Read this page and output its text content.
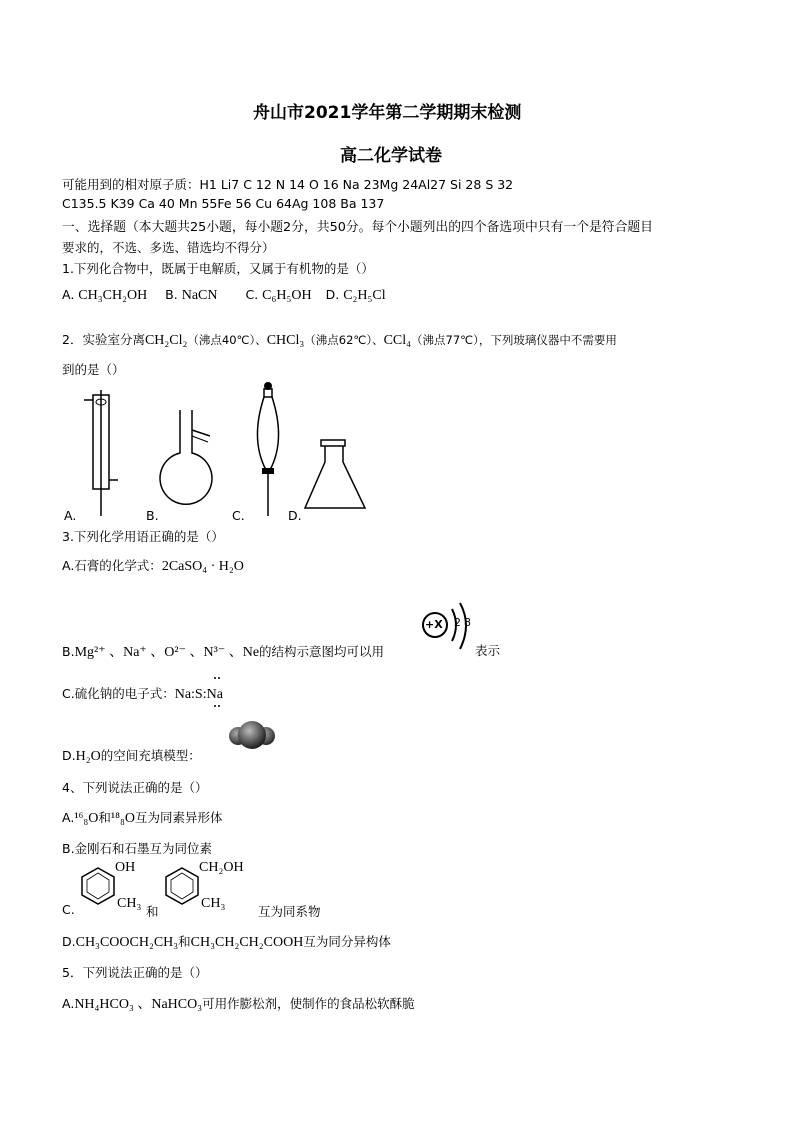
舟山市2021学年第二学期期末检测
高二化学试卷
可能用到的相对原子质：H1 Li7 C 12 N 14 O 16 Na 23Mg 24Al27 Si 28 S 32
C135.5 K39 Ca 40 Mn 55Fe 56 Cu 64Ag 108 Ba 137
一、选择题（本大题共25小题，每小题2分，共50分。每个小题列出的四个备选项中只有一个是符合题目
要求的，不选、多选、错选均不得分）
1.下列化合物中，既属于电解质，又属于有机物的是（）
A. CH₃CH₂OH B. NaCN C. C₆H₅OH D. C₂H₅Cl
2．实验室分离CH₂Cl₂（沸点40℃）、CHCl₃（沸点62℃）、CCl₄（沸点77℃），下列玻璃仪器中不需要用
到的是（）
A.	B.	C.	D.
3.下列化学用语正确的是（）
A.石膏的化学式：2CaSO₄ · H₂O
B.Mg²⁺ 、Na⁺ 、O²⁻ 、N³⁻ 、Ne的结构示意图均可以用
+X 2 8
表示
C.硫化钠的电子式：Na:S:Na
D.H₂O的空间充填模型：
4、下列说法正确的是（）
A.¹⁶₈O和¹⁸₈O互为同素异形体
B.金刚石和石墨互为同位素
C.
OH
CH₃
和
CH₂OH
CH₃
互为同系物
D.CH₃COOCH₂CH₃和CH₃CH₂CH₂COOH互为同分异构体
5．下列说法正确的是（）
A.NH₄HCO₃ 、NaHCO₃可用作膨松剂，使制作的食品松软酥脆
